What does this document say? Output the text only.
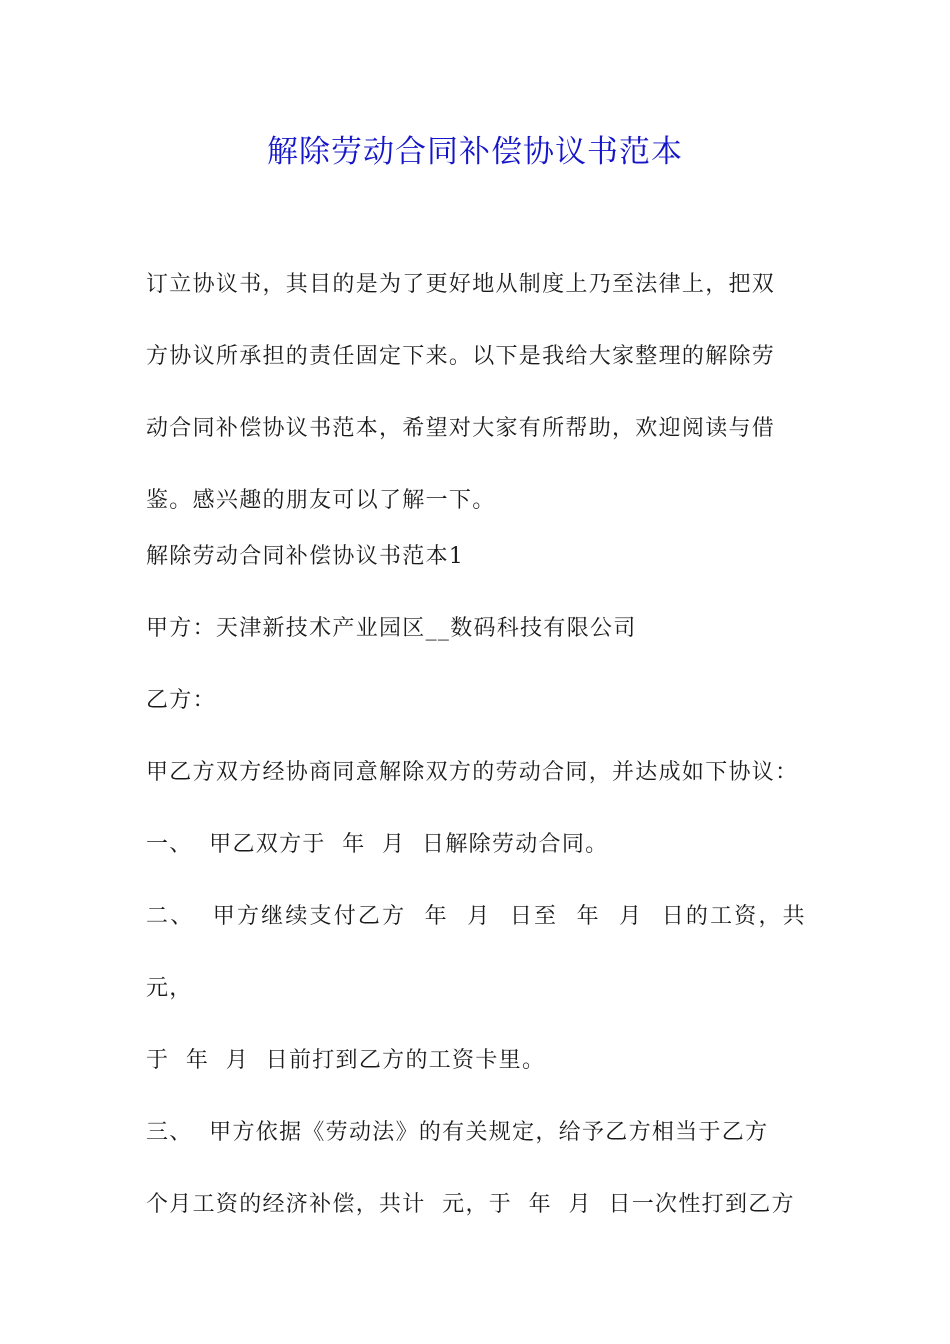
解除劳动合同补偿协议书范本

订立协议书，其目的是为了更好地从制度上乃至法律上，把双

方协议所承担的责任固定下来。以下是我给大家整理的解除劳

动合同补偿协议书范本，希望对大家有所帮助，欢迎阅读与借

鉴。感兴趣的朋友可以了解一下。

解除劳动合同补偿协议书范本1

甲方：天津新技术产业园区__数码科技有限公司

乙方：

甲乙方双方经协商同意解除双方的劳动合同，并达成如下协议：

一、  甲乙双方于  年  月  日解除劳动合同。

二、  甲方继续支付乙方  年  月  日至  年  月  日的工资，共  元，

于  年  月  日前打到乙方的工资卡里。

三、  甲方依据《劳动法》的有关规定，给予乙方相当于乙方

个月工资的经济补偿，共计  元，于  年  月  日一次性打到乙方
